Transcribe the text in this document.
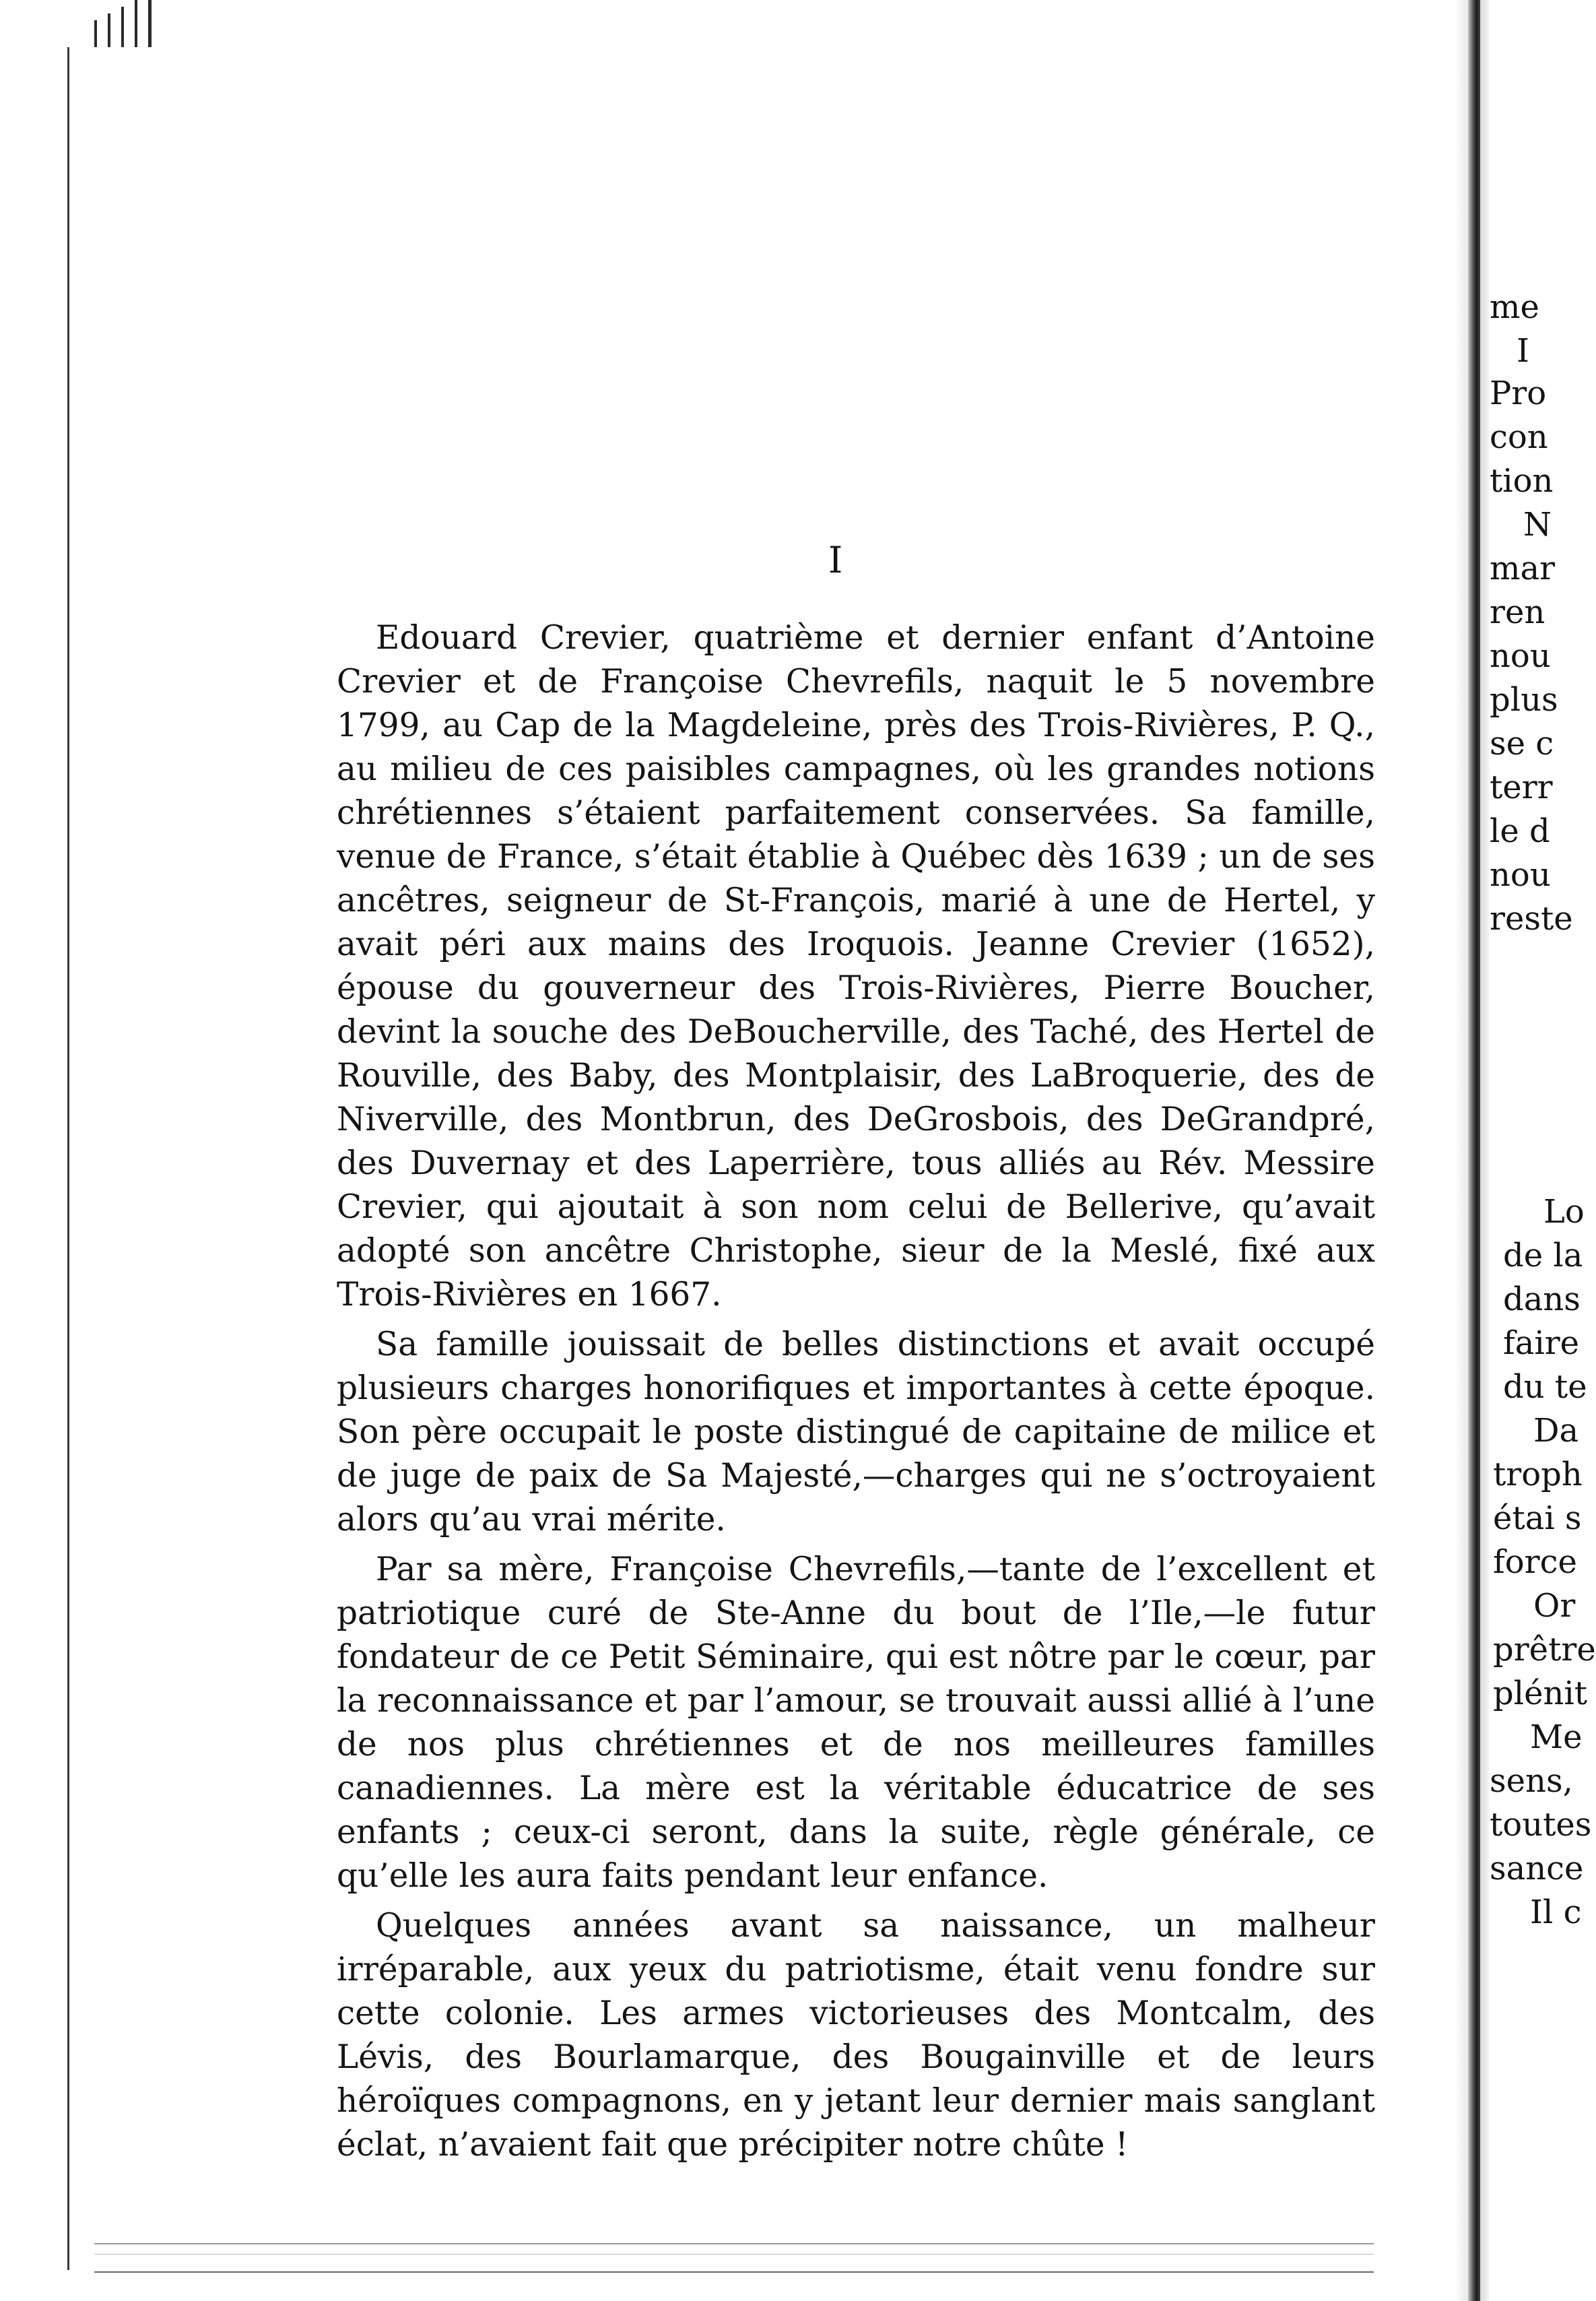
I

Edouard Crevier, quatrième et dernier enfant d’Antoine Crevier et de Françoise Chevrefils, naquit le 5 novembre 1799, au Cap de la Magdeleine, près des Trois-Rivières, P. Q., au milieu de ces paisibles campagnes, où les grandes notions chrétiennes s’étaient parfaitement conservées. Sa famille, venue de France, s’était établie à Québec dès 1639 ; un de ses ancêtres, seigneur de St-François, marié à une de Hertel, y avait péri aux mains des Iroquois. Jeanne Crevier (1652), épouse du gouverneur des Trois-Rivières, Pierre Boucher, devint la souche des DeBoucherville, des Taché, des Hertel de Rouville, des Baby, des Montplaisir, des LaBroquerie, des de Niverville, des Montbrun, des DeGrosbois, des DeGrandpré, des Duvernay et des Laperrière, tous alliés au Rév. Messire Crevier, qui ajoutait à son nom celui de Bellerive, qu’avait adopté son ancêtre Christophe, sieur de la Meslé, fixé aux Trois-Rivières en 1667.

Sa famille jouissait de belles distinctions et avait occupé plusieurs charges honorifiques et importantes à cette époque. Son père occupait le poste distingué de capitaine de milice et de juge de paix de Sa Majesté,—charges qui ne s’octroyaient alors qu’au vrai mérite.

Par sa mère, Françoise Chevrefils,—tante de l’excellent et patriotique curé de Ste-Anne du bout de l’Ile,—le futur fondateur de ce Petit Séminaire, qui est nôtre par le cœur, par la reconnaissance et par l’amour, se trouvait aussi allié à l’une de nos plus chrétiennes et de nos meilleures familles canadiennes. La mère est la véritable éducatrice de ses enfants ; ceux-ci seront, dans la suite, règle générale, ce qu’elle les aura faits pendant leur enfance.

Quelques années avant sa naissance, un malheur irréparable, aux yeux du patriotisme, était venu fondre sur cette colonie. Les armes victorieuses des Montcalm, des Lévis, des Bourlamarque, des Bougainville et de leurs héroïques compagnons, en y jetant leur dernier mais sanglant éclat, n’avaient fait que précipiter notre chûte !

me
I
Pro
con
tion
N
mar
ren
nou
plus
se c
terr
le d
nou
reste
Lo
de la
dans
faire
du te
Da
troph
étai s
force
Or
prêtre
plénit
Me
sens,
toutes
sance
Il c
